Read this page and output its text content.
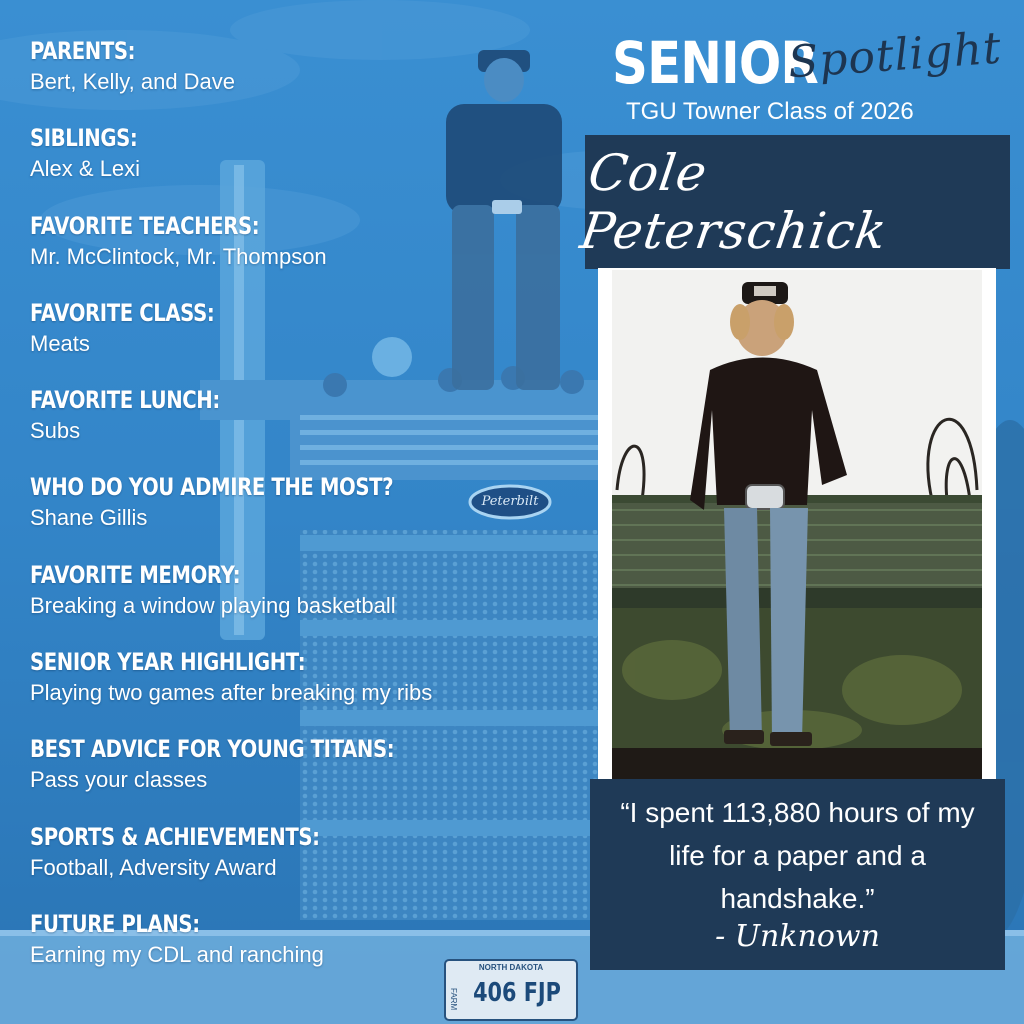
NORTH DAKOTA
FARM 406 FJP
Peterbilt
PARENTS:
Bert, Kelly, and Dave
SIBLINGS:
Alex & Lexi
FAVORITE TEACHERS:
Mr. McClintock, Mr. Thompson
FAVORITE CLASS:
Meats
FAVORITE LUNCH:
Subs
WHO DO YOU ADMIRE THE MOST?
Shane Gillis
FAVORITE MEMORY:
Breaking a window playing basketball
SENIOR YEAR HIGHLIGHT:
Playing two games after breaking my ribs
BEST ADVICE FOR YOUNG TITANS:
Pass your classes
SPORTS & ACHIEVEMENTS:
Football, Adversity Award
FUTURE PLANS:
Earning my CDL and ranching
SENIOR
Spotlight
TGU Towner Class of 2026
Cole Peterschick
“I spent 113,880 hours of my
life for a paper and a
handshake.”
- Unknown
